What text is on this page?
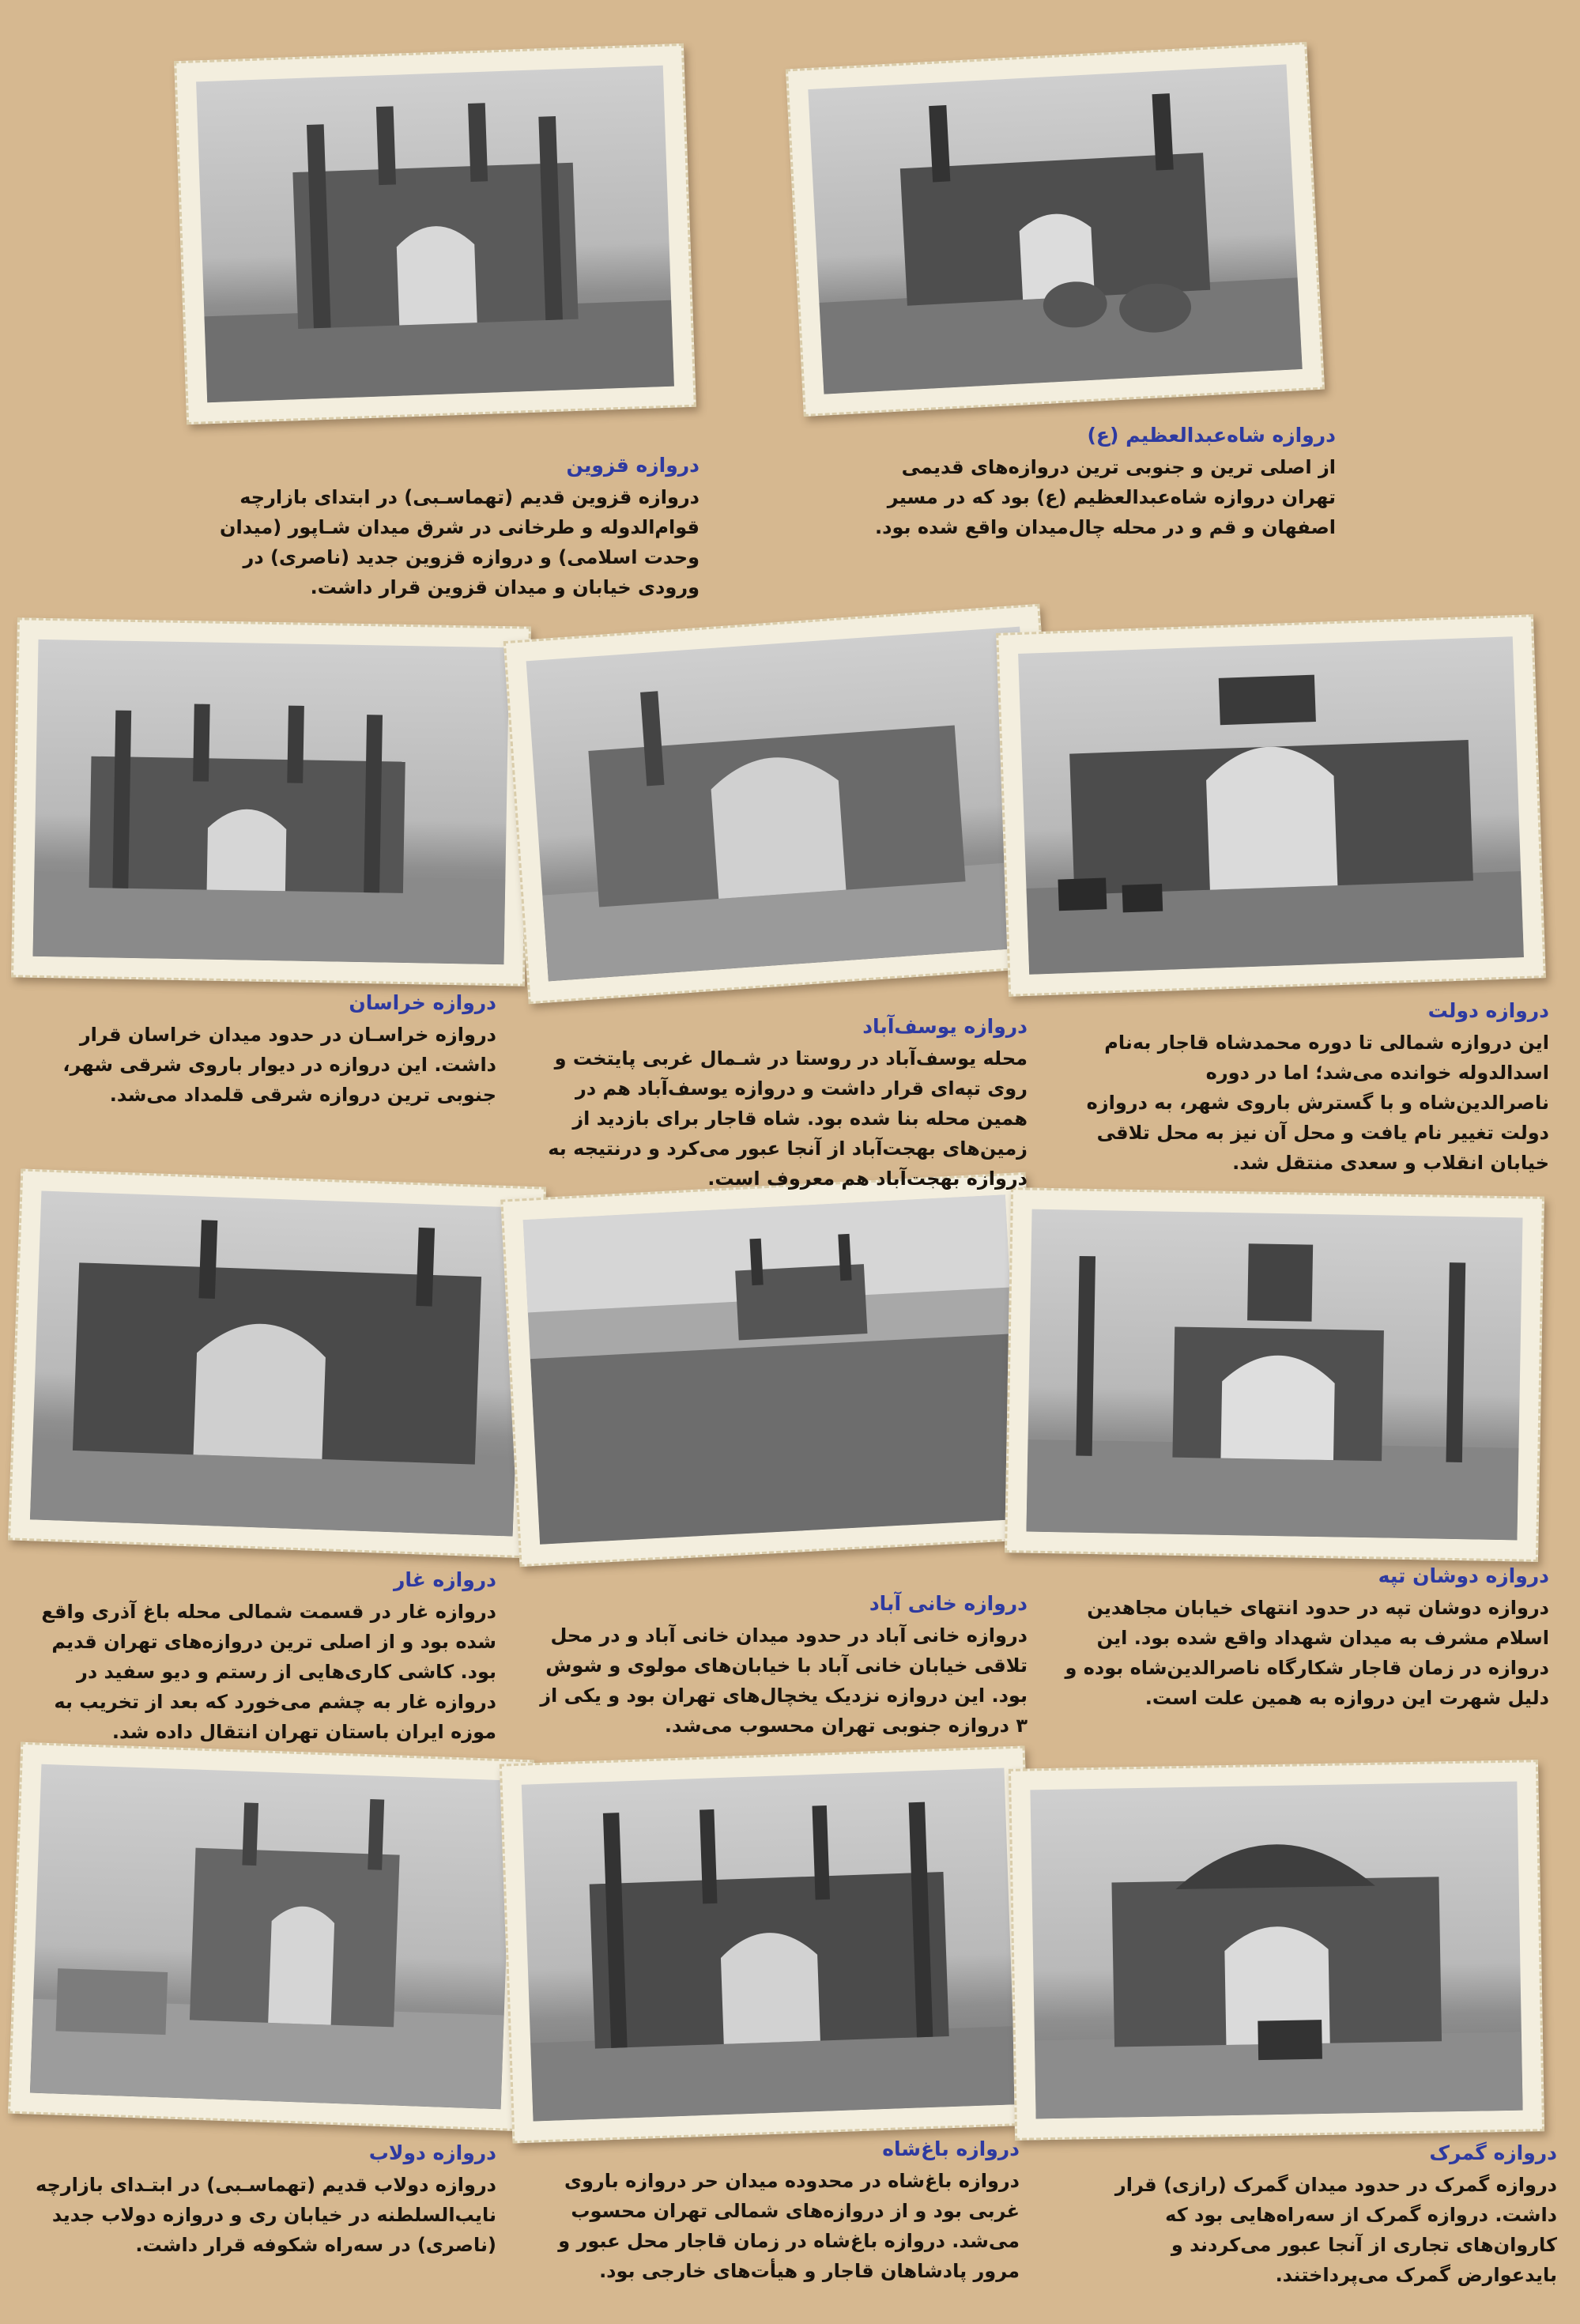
دروازه قزوین

دروازه قزوین قدیم (تهماسـبی) در ابتدای بازارچه قوام‌الدوله و طرخانی در شرق میدان شـاپور (میدان وحدت اسلامی) و دروازه قزوین جدید (ناصری) در ورودی خیابان و میدان قزوین قرار داشت.

دروازه شاه‌عبدالعظیم (ع)

از اصلی ترین و جنوبی ترین دروازه‌های قدیمی تهران دروازه شاه‌عبدالعظیم (ع) بود که در مسیر اصفهان و قم و در محله چال‌میدان واقع شده بود.

دروازه خراسان

دروازه خراسـان در حدود میدان خراسان قرار داشت. این دروازه در دیوار باروی شرقی شهر، جنوبی ترین دروازه شرقی قلمداد می‌شد.

دروازه یوسف‌آباد

محله یوسف‌آباد در روستا در شـمال غربی پایتخت و روی تپه‌ای قرار داشت و دروازه یوسف‌آباد هم در همین محله بنا شده بود. شاه قاجار برای بازدید از زمین‌های بهجت‌آباد از آنجا عبور می‌کرد و درنتیجه به دروازه بهجت‌آباد هم معروف است.

دروازه دولت

این دروازه شمالی تا دوره محمدشاه قاجار به‌نام اسدالدوله خوانده می‌شد؛ اما در دوره ناصرالدین‌شاه و با گسترش باروی شهر، به دروازه دولت تغییر نام یافت و محل آن نیز به محل تلاقی خیابان انقلاب و سعدی منتقل شد.

دروازه غار

دروازه غار در قسمت شمالی محله باغ آذری واقع شده بود و از اصلی ترین دروازه‌های تهران قدیم بود. کاشی کاری‌هایی از رستم و دیو سفید در دروازه غار به چشم می‌خورد که بعد از تخریب به موزه ایران باستان تهران انتقال داده شد.

دروازه خانی آباد

دروازه خانی آباد در حدود میدان خانی آباد و در محل تلاقی خیابان خانی آباد با خیابان‌های مولوی و شوش بود. این دروازه نزدیک یخچال‌های تهران بود و یکی از ۳ دروازه جنوبی تهران محسوب می‌شد.

دروازه دوشان تپه

دروازه دوشان تپه در حدود انتهای خیابان مجاهدین اسلام مشرف به میدان شهداد واقع شده بود. این دروازه در زمان قاجار شکارگاه ناصرالدین‌شاه بوده و دلیل شهرت این دروازه به همین علت است.

دروازه دولاب

دروازه دولاب قدیم (تهماسـبی) در ابتـدای بازارچه نایب‌السلطنه در خیابان ری و دروازه دولاب جدید (ناصری) در سه‌راه شکوفه قرار داشت.

دروازه باغ‌شاه

دروازه باغ‌شاه در محدوده میدان حر دروازه باروی غربی بود و از دروازه‌های شمالی تهران محسوب می‌شد. دروازه باغ‌شاه در زمان قاجار محل عبور و مرور پادشاهان قاجار و هیأت‌های خارجی بود.

دروازه گمرک

دروازه گمرک در حدود میدان گمرک (رازی) قرار داشت. دروازه گمرک از سه‌راه‌هایی بود که کاروان‌های تجاری از آنجا عبور می‌کردند و بایدعوارض گمرک می‌پرداختند.
